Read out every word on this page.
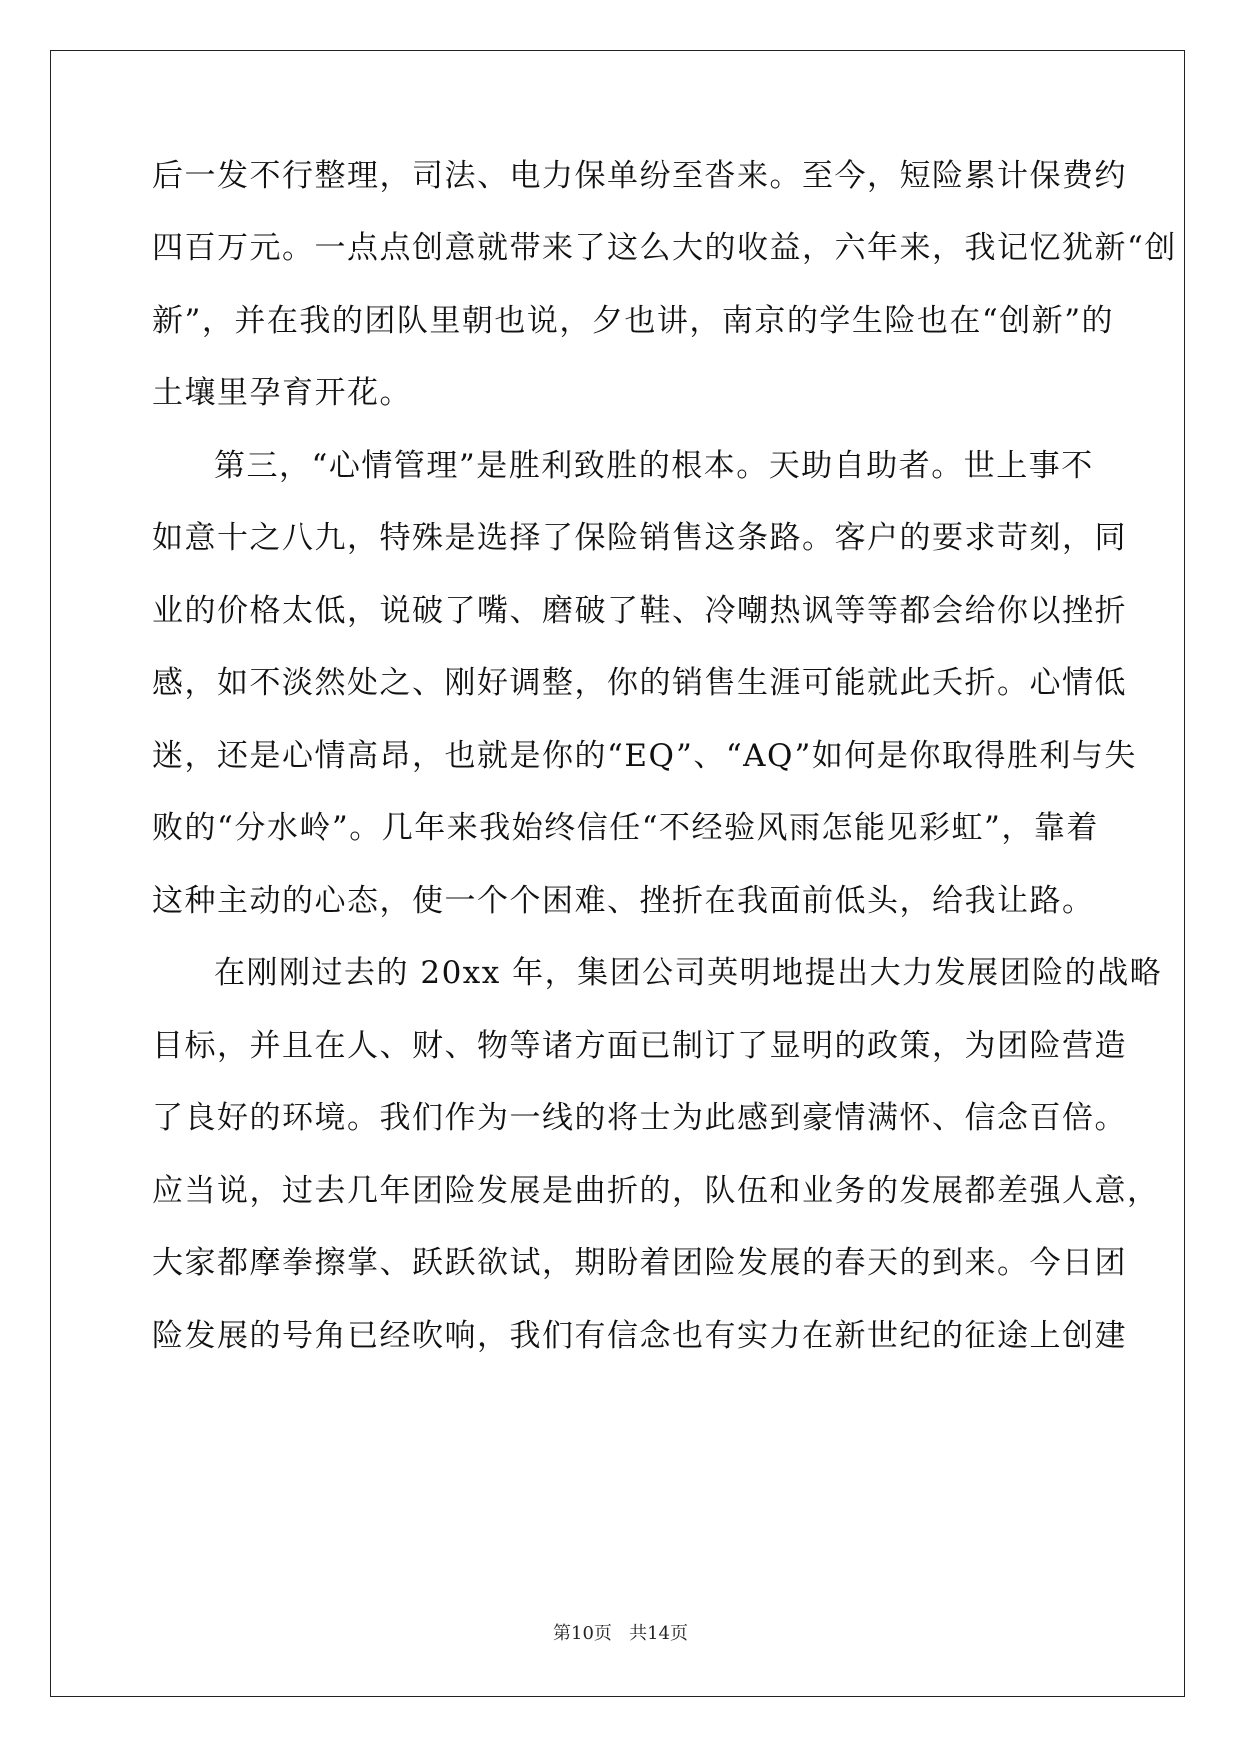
后一发不行整理，司法、电力保单纷至沓来。至今，短险累计保费约
四百万元。一点点创意就带来了这么大的收益，六年来，我记忆犹新“创
新”，并在我的团队里朝也说，夕也讲，南京的学生险也在“创新”的
土壤里孕育开花。
第三，“心情管理”是胜利致胜的根本。天助自助者。世上事不
如意十之八九，特殊是选择了保险销售这条路。客户的要求苛刻，同
业的价格太低，说破了嘴、磨破了鞋、冷嘲热讽等等都会给你以挫折
感，如不淡然处之、刚好调整，你的销售生涯可能就此夭折。心情低
迷，还是心情高昂，也就是你的“EQ”、“AQ”如何是你取得胜利与失
败的“分水岭”。几年来我始终信任“不经验风雨怎能见彩虹”，靠着
这种主动的心态，使一个个困难、挫折在我面前低头，给我让路。
在刚刚过去的 20xx 年，集团公司英明地提出大力发展团险的战略
目标，并且在人、财、物等诸方面已制订了显明的政策，为团险营造
了良好的环境。我们作为一线的将士为此感到豪情满怀、信念百倍。
应当说，过去几年团险发展是曲折的，队伍和业务的发展都差强人意，
大家都摩拳擦掌、跃跃欲试，期盼着团险发展的春天的到来。今日团
险发展的号角已经吹响，我们有信念也有实力在新世纪的征途上创建
第10页 共14页
